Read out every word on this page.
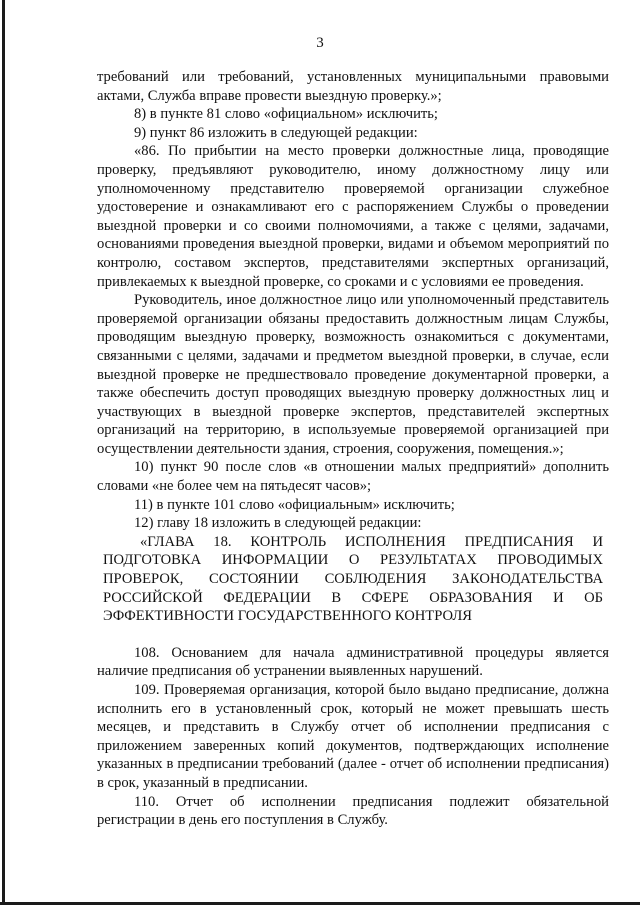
3

требований или требований, установленных муниципальными правовыми актами, Служба вправе провести выездную проверку.»;

8) в пункте 81 слово «официальном» исключить;

9) пункт 86 изложить в следующей редакции:

«86. По прибытии на место проверки должностные лица, проводящие проверку, предъявляют руководителю, иному должностному лицу или уполномоченному представителю проверяемой организации служебное удостоверение и ознакамливают его с распоряжением Службы о проведении выездной проверки и со своими полномочиями, а также с целями, задачами, основаниями проведения выездной проверки, видами и объемом мероприятий по контролю, составом экспертов, представителями экспертных организаций, привлекаемых к выездной проверке, со сроками и с условиями ее проведения.

Руководитель, иное должностное лицо или уполномоченный представитель проверяемой организации обязаны предоставить должностным лицам Службы, проводящим выездную проверку, возможность ознакомиться с документами, связанными с целями, задачами и предметом выездной проверки, в случае, если выездной проверке не предшествовало проведение документарной проверки, а также обеспечить доступ проводящих выездную проверку должностных лиц и участвующих в выездной проверке экспертов, представителей экспертных организаций на территорию, в используемые проверяемой организацией при осуществлении деятельности здания, строения, сооружения, помещения.»;

10) пункт 90 после слов «в отношении малых предприятий» дополнить словами «не более чем на пятьдесят часов»;

11) в пункте 101 слово «официальным» исключить;

12) главу 18 изложить в следующей редакции:

«ГЛАВА 18. КОНТРОЛЬ ИСПОЛНЕНИЯ ПРЕДПИСАНИЯ И ПОДГОТОВКА ИНФОРМАЦИИ О РЕЗУЛЬТАТАХ ПРОВОДИМЫХ ПРОВЕРОК, СОСТОЯНИИ СОБЛЮДЕНИЯ ЗАКОНОДАТЕЛЬСТВА РОССИЙСКОЙ ФЕДЕРАЦИИ В СФЕРЕ ОБРАЗОВАНИЯ И ОБ ЭФФЕКТИВНОСТИ ГОСУДАРСТВЕННОГО КОНТРОЛЯ

108. Основанием для начала административной процедуры является наличие предписания об устранении выявленных нарушений.

109. Проверяемая организация, которой было выдано предписание, должна исполнить его в установленный срок, который не может превышать шесть месяцев, и представить в Службу отчет об исполнении предписания с приложением заверенных копий документов, подтверждающих исполнение указанных в предписании требований (далее - отчет об исполнении предписания) в срок, указанный в предписании.

110. Отчет об исполнении предписания подлежит обязательной регистрации в день его поступления в Службу.
